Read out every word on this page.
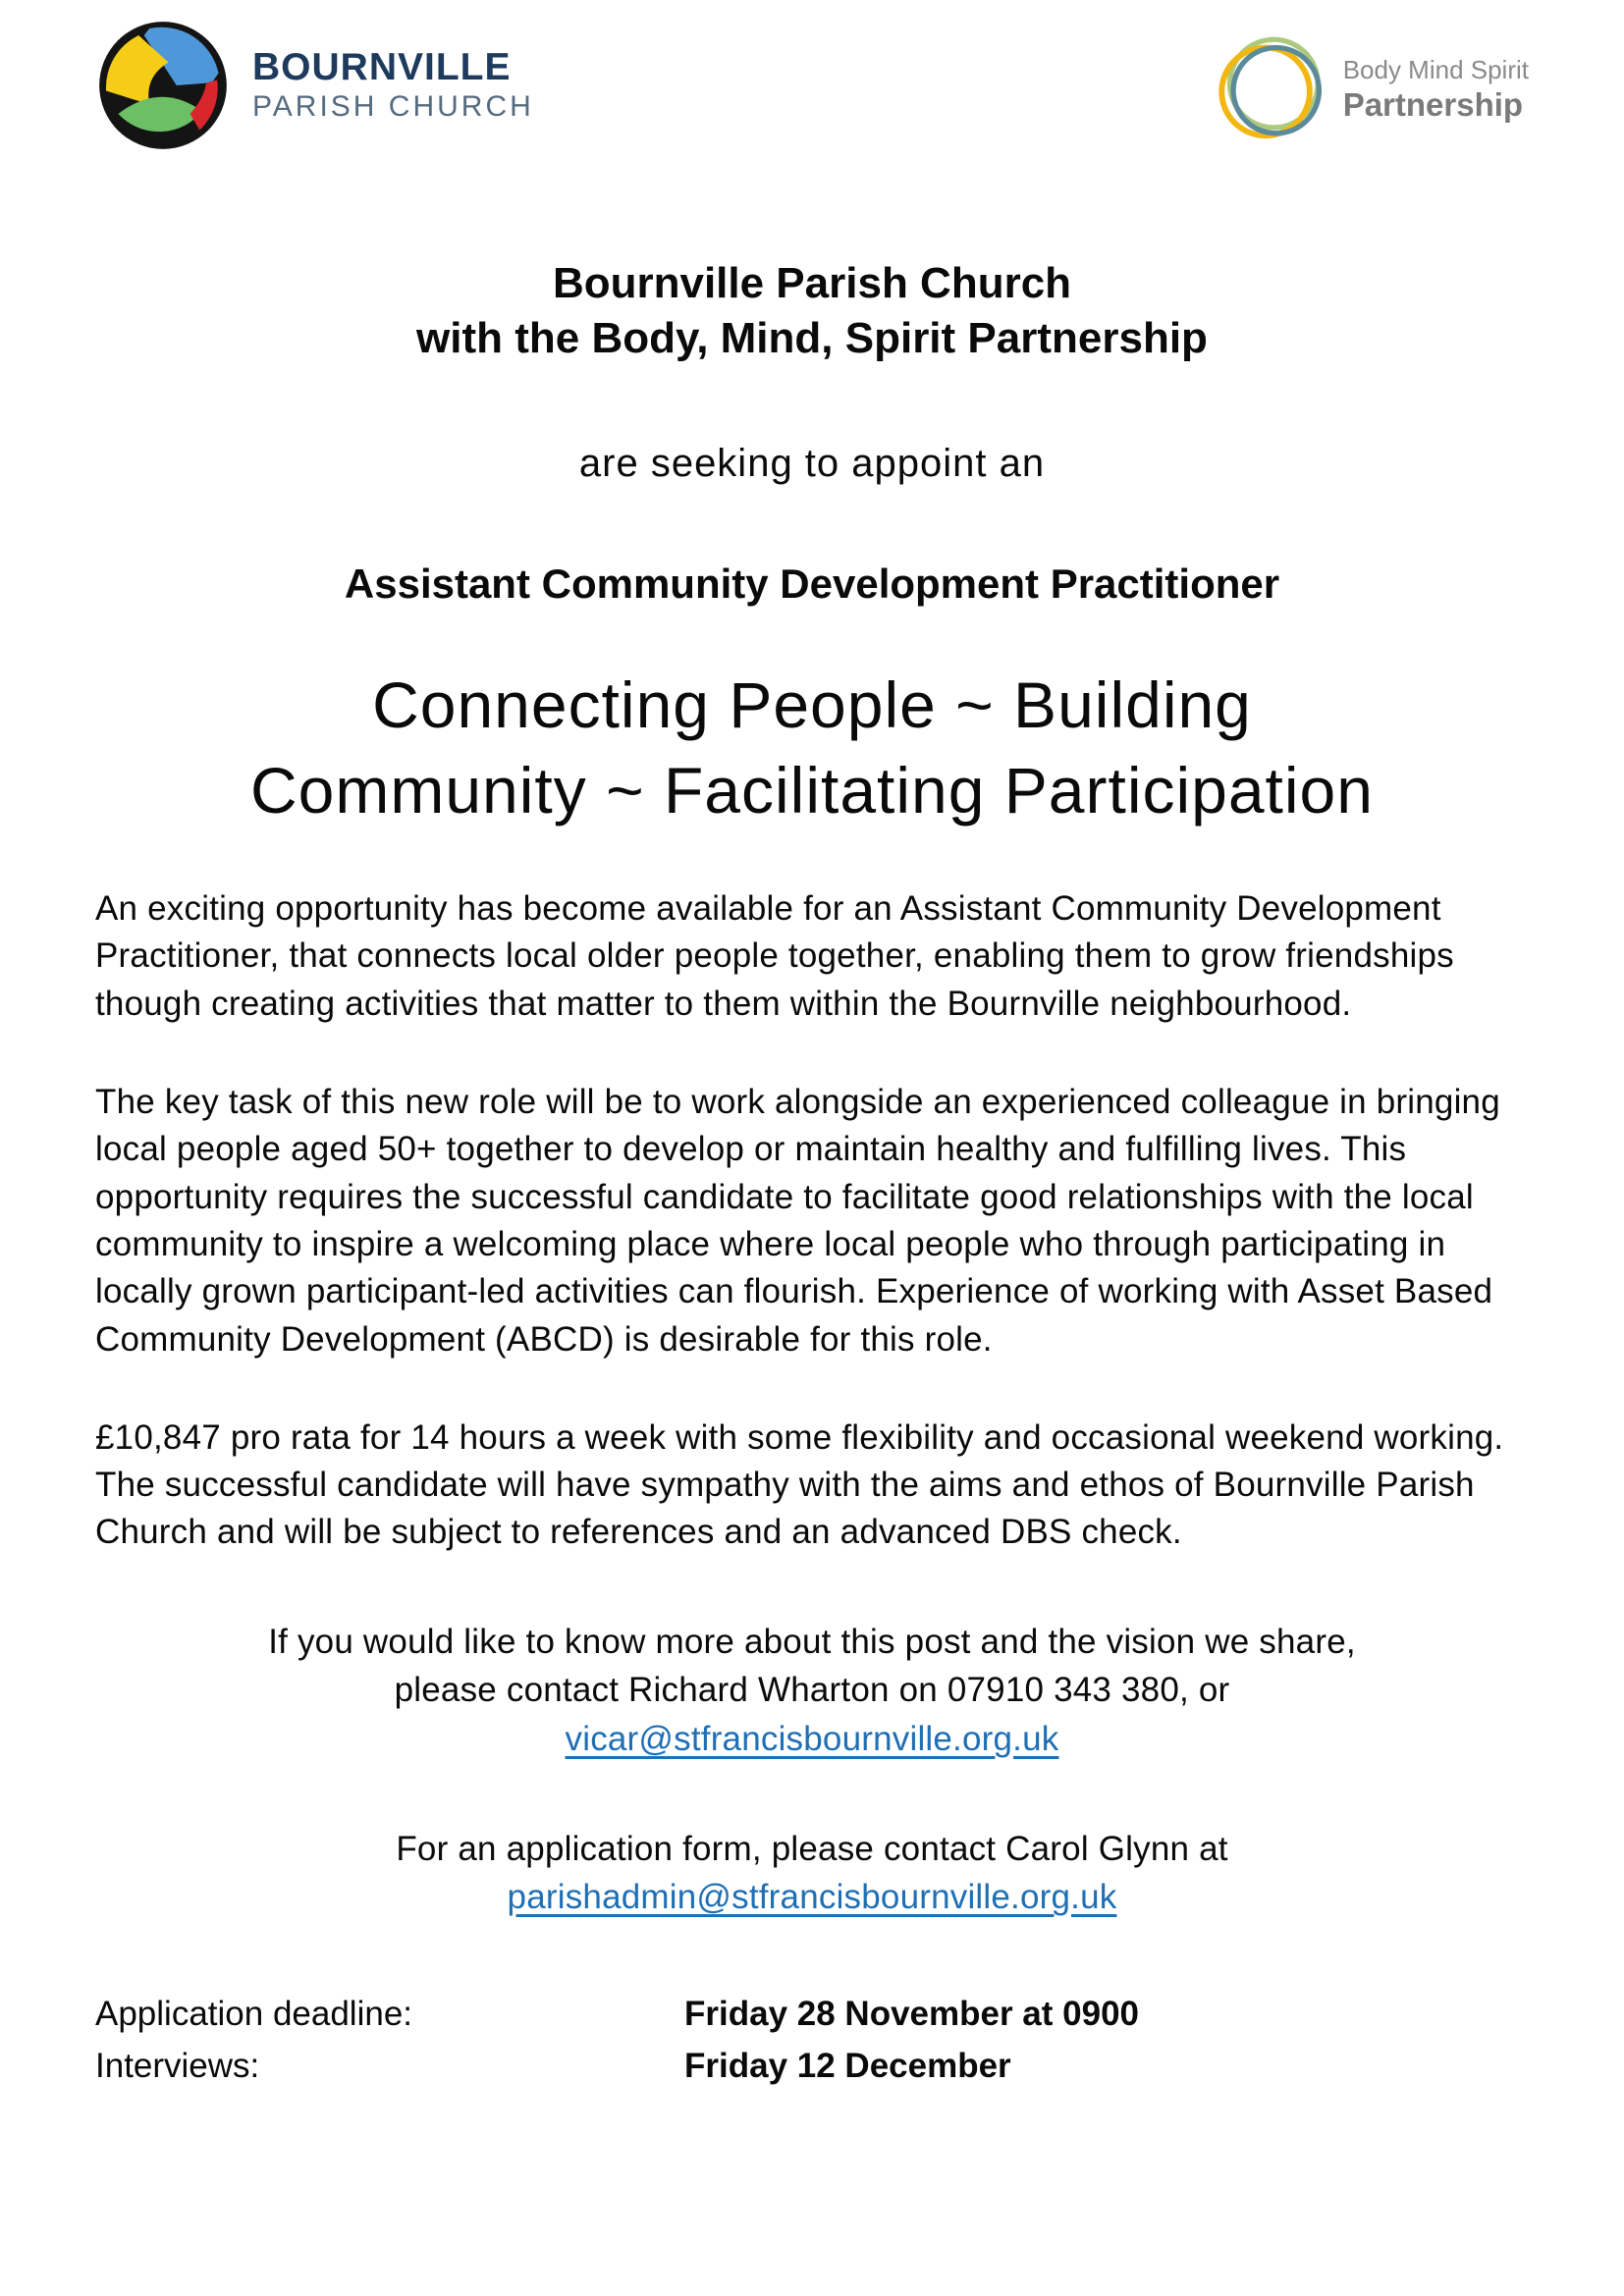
BOURNVILLE
PARISH CHURCH
Body Mind Spirit
Partnership
Bournville Parish Church
with the Body, Mind, Spirit Partnership
are seeking to appoint an
Assistant Community Development Practitioner
Connecting People ~ Building
Community ~ Facilitating Participation

An exciting opportunity has become available for an Assistant Community Development Practitioner, that connects local older people together, enabling them to grow friendships though creating activities that matter to them within the Bournville neighbourhood.

The key task of this new role will be to work alongside an experienced colleague in bringing local people aged 50+ together to develop or maintain healthy and fulfilling lives. This opportunity requires the successful candidate to facilitate good relationships with the local community to inspire a welcoming place where local people who through participating in locally grown participant-led activities can flourish. Experience of working with Asset Based Community Development (ABCD) is desirable for this role.

£10,847 pro rata for 14 hours a week with some flexibility and occasional weekend working. The successful candidate will have sympathy with the aims and ethos of Bournville Parish Church and will be subject to references and an advanced DBS check.

If you would like to know more about this post and the vision we share,
please contact Richard Wharton on 07910 343 380, or
vicar@stfrancisbournville.org.uk
For an application form, please contact Carol Glynn at
parishadmin@stfrancisbournville.org.uk
Application deadline:	Friday 28 November at 0900
Interviews:	Friday 12 December
